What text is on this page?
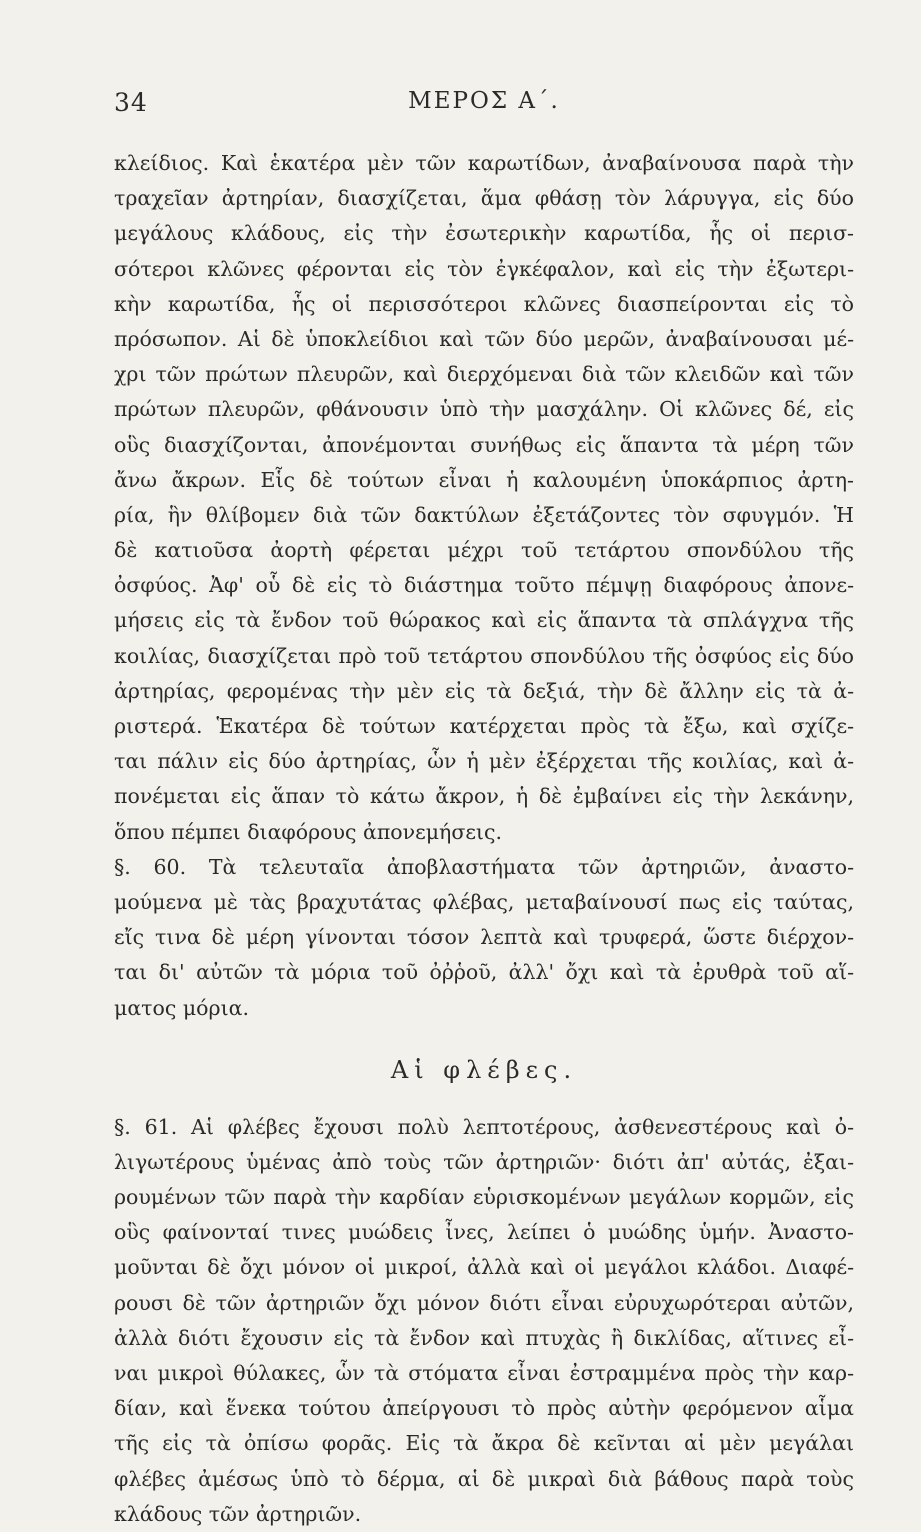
34	ΜΕΡΟΣ Α΄.
κλείδιος. Καὶ ἑκατέρα μὲν τῶν καρωτίδων, ἀναβαίνουσα παρὰ τὴν
τραχεῖαν ἀρτηρίαν, διασχίζεται, ἅμα φθάσῃ τὸν λάρυγγα, εἰς δύο
μεγάλους κλάδους, εἰς τὴν ἐσωτερικὴν καρωτίδα, ἧς οἱ περισ-
σότεροι κλῶνες φέρονται εἰς τὸν ἐγκέφαλον, καὶ εἰς τὴν ἐξωτερι-
κὴν καρωτίδα, ἧς οἱ περισσότεροι κλῶνες διασπείρονται εἰς τὸ
πρόσωπον. Αἱ δὲ ὑποκλείδιοι καὶ τῶν δύο μερῶν, ἀναβαίνουσαι μέ-
χρι τῶν πρώτων πλευρῶν, καὶ διερχόμεναι διὰ τῶν κλειδῶν καὶ τῶν
πρώτων πλευρῶν, φθάνουσιν ὑπὸ τὴν μασχάλην. Οἱ κλῶνες δέ, εἰς
οὓς διασχίζονται, ἀπονέμονται συνήθως εἰς ἅπαντα τὰ μέρη τῶν
ἄνω ἄκρων. Εἷς δὲ τούτων εἶναι ἡ καλουμένη ὑποκάρπιος ἀρτη-
ρία, ἣν θλίβομεν διὰ τῶν δακτύλων ἐξετάζοντες τὸν σφυγμόν. Ἡ
δὲ κατιοῦσα ἀορτὴ φέρεται μέχρι τοῦ τετάρτου σπονδύλου τῆς
ὀσφύος. Ἀφ' οὗ δὲ εἰς τὸ διάστημα τοῦτο πέμψῃ διαφόρους ἀπονε-
μήσεις εἰς τὰ ἔνδον τοῦ θώρακος καὶ εἰς ἅπαντα τὰ σπλάγχνα τῆς
κοιλίας, διασχίζεται πρὸ τοῦ τετάρτου σπονδύλου τῆς ὀσφύος εἰς δύο
ἀρτηρίας, φερομένας τὴν μὲν εἰς τὰ δεξιά, τὴν δὲ ἄλλην εἰς τὰ ἀ-
ριστερά. Ἑκατέρα δὲ τούτων κατέρχεται πρὸς τὰ ἔξω, καὶ σχίζε-
ται πάλιν εἰς δύο ἀρτηρίας, ὧν ἡ μὲν ἐξέρχεται τῆς κοιλίας, καὶ ἀ-
πονέμεται εἰς ἅπαν τὸ κάτω ἄκρον, ἡ δὲ ἐμβαίνει εἰς τὴν λεκάνην,
ὅπου πέμπει διαφόρους ἀπονεμήσεις.
§. 60. Τὰ τελευταῖα ἀποβλαστήματα τῶν ἀρτηριῶν, ἀναστο-
μούμενα μὲ τὰς βραχυτάτας φλέβας, μεταβαίνουσί πως εἰς ταύτας,
εἴς τινα δὲ μέρη γίνονται τόσον λεπτὰ καὶ τρυφερά, ὥστε διέρχον-
ται δι' αὐτῶν τὰ μόρια τοῦ ὀῤῥοῦ, ἀλλ' ὄχι καὶ τὰ ἐρυθρὰ τοῦ αἵ-
ματος μόρια.
Αἱ φλέβες.
§. 61. Αἱ φλέβες ἔχουσι πολὺ λεπτοτέρους, ἀσθενεστέρους καὶ ὀ-
λιγωτέρους ὑμένας ἀπὸ τοὺς τῶν ἀρτηριῶν· διότι ἀπ' αὐτάς, ἐξαι-
ρουμένων τῶν παρὰ τὴν καρδίαν εὑρισκομένων μεγάλων κορμῶν, εἰς
οὓς φαίνονταί τινες μυώδεις ἶνες, λείπει ὁ μυώδης ὑμήν. Ἀναστο-
μοῦνται δὲ ὄχι μόνον οἱ μικροί, ἀλλὰ καὶ οἱ μεγάλοι κλάδοι. Διαφέ-
ρουσι δὲ τῶν ἀρτηριῶν ὄχι μόνον διότι εἶναι εὐρυχωρότεραι αὐτῶν,
ἀλλὰ διότι ἔχουσιν εἰς τὰ ἔνδον καὶ πτυχὰς ἢ δικλίδας, αἵτινες εἶ-
ναι μικροὶ θύλακες, ὧν τὰ στόματα εἶναι ἐστραμμένα πρὸς τὴν καρ-
δίαν, καὶ ἕνεκα τούτου ἀπείργουσι τὸ πρὸς αὐτὴν φερόμενον αἷμα
τῆς εἰς τὰ ὀπίσω φορᾶς. Εἰς τὰ ἄκρα δὲ κεῖνται αἱ μὲν μεγάλαι
φλέβες ἀμέσως ὑπὸ τὸ δέρμα, αἱ δὲ μικραὶ διὰ βάθους παρὰ τοὺς
κλάδους τῶν ἀρτηριῶν.
